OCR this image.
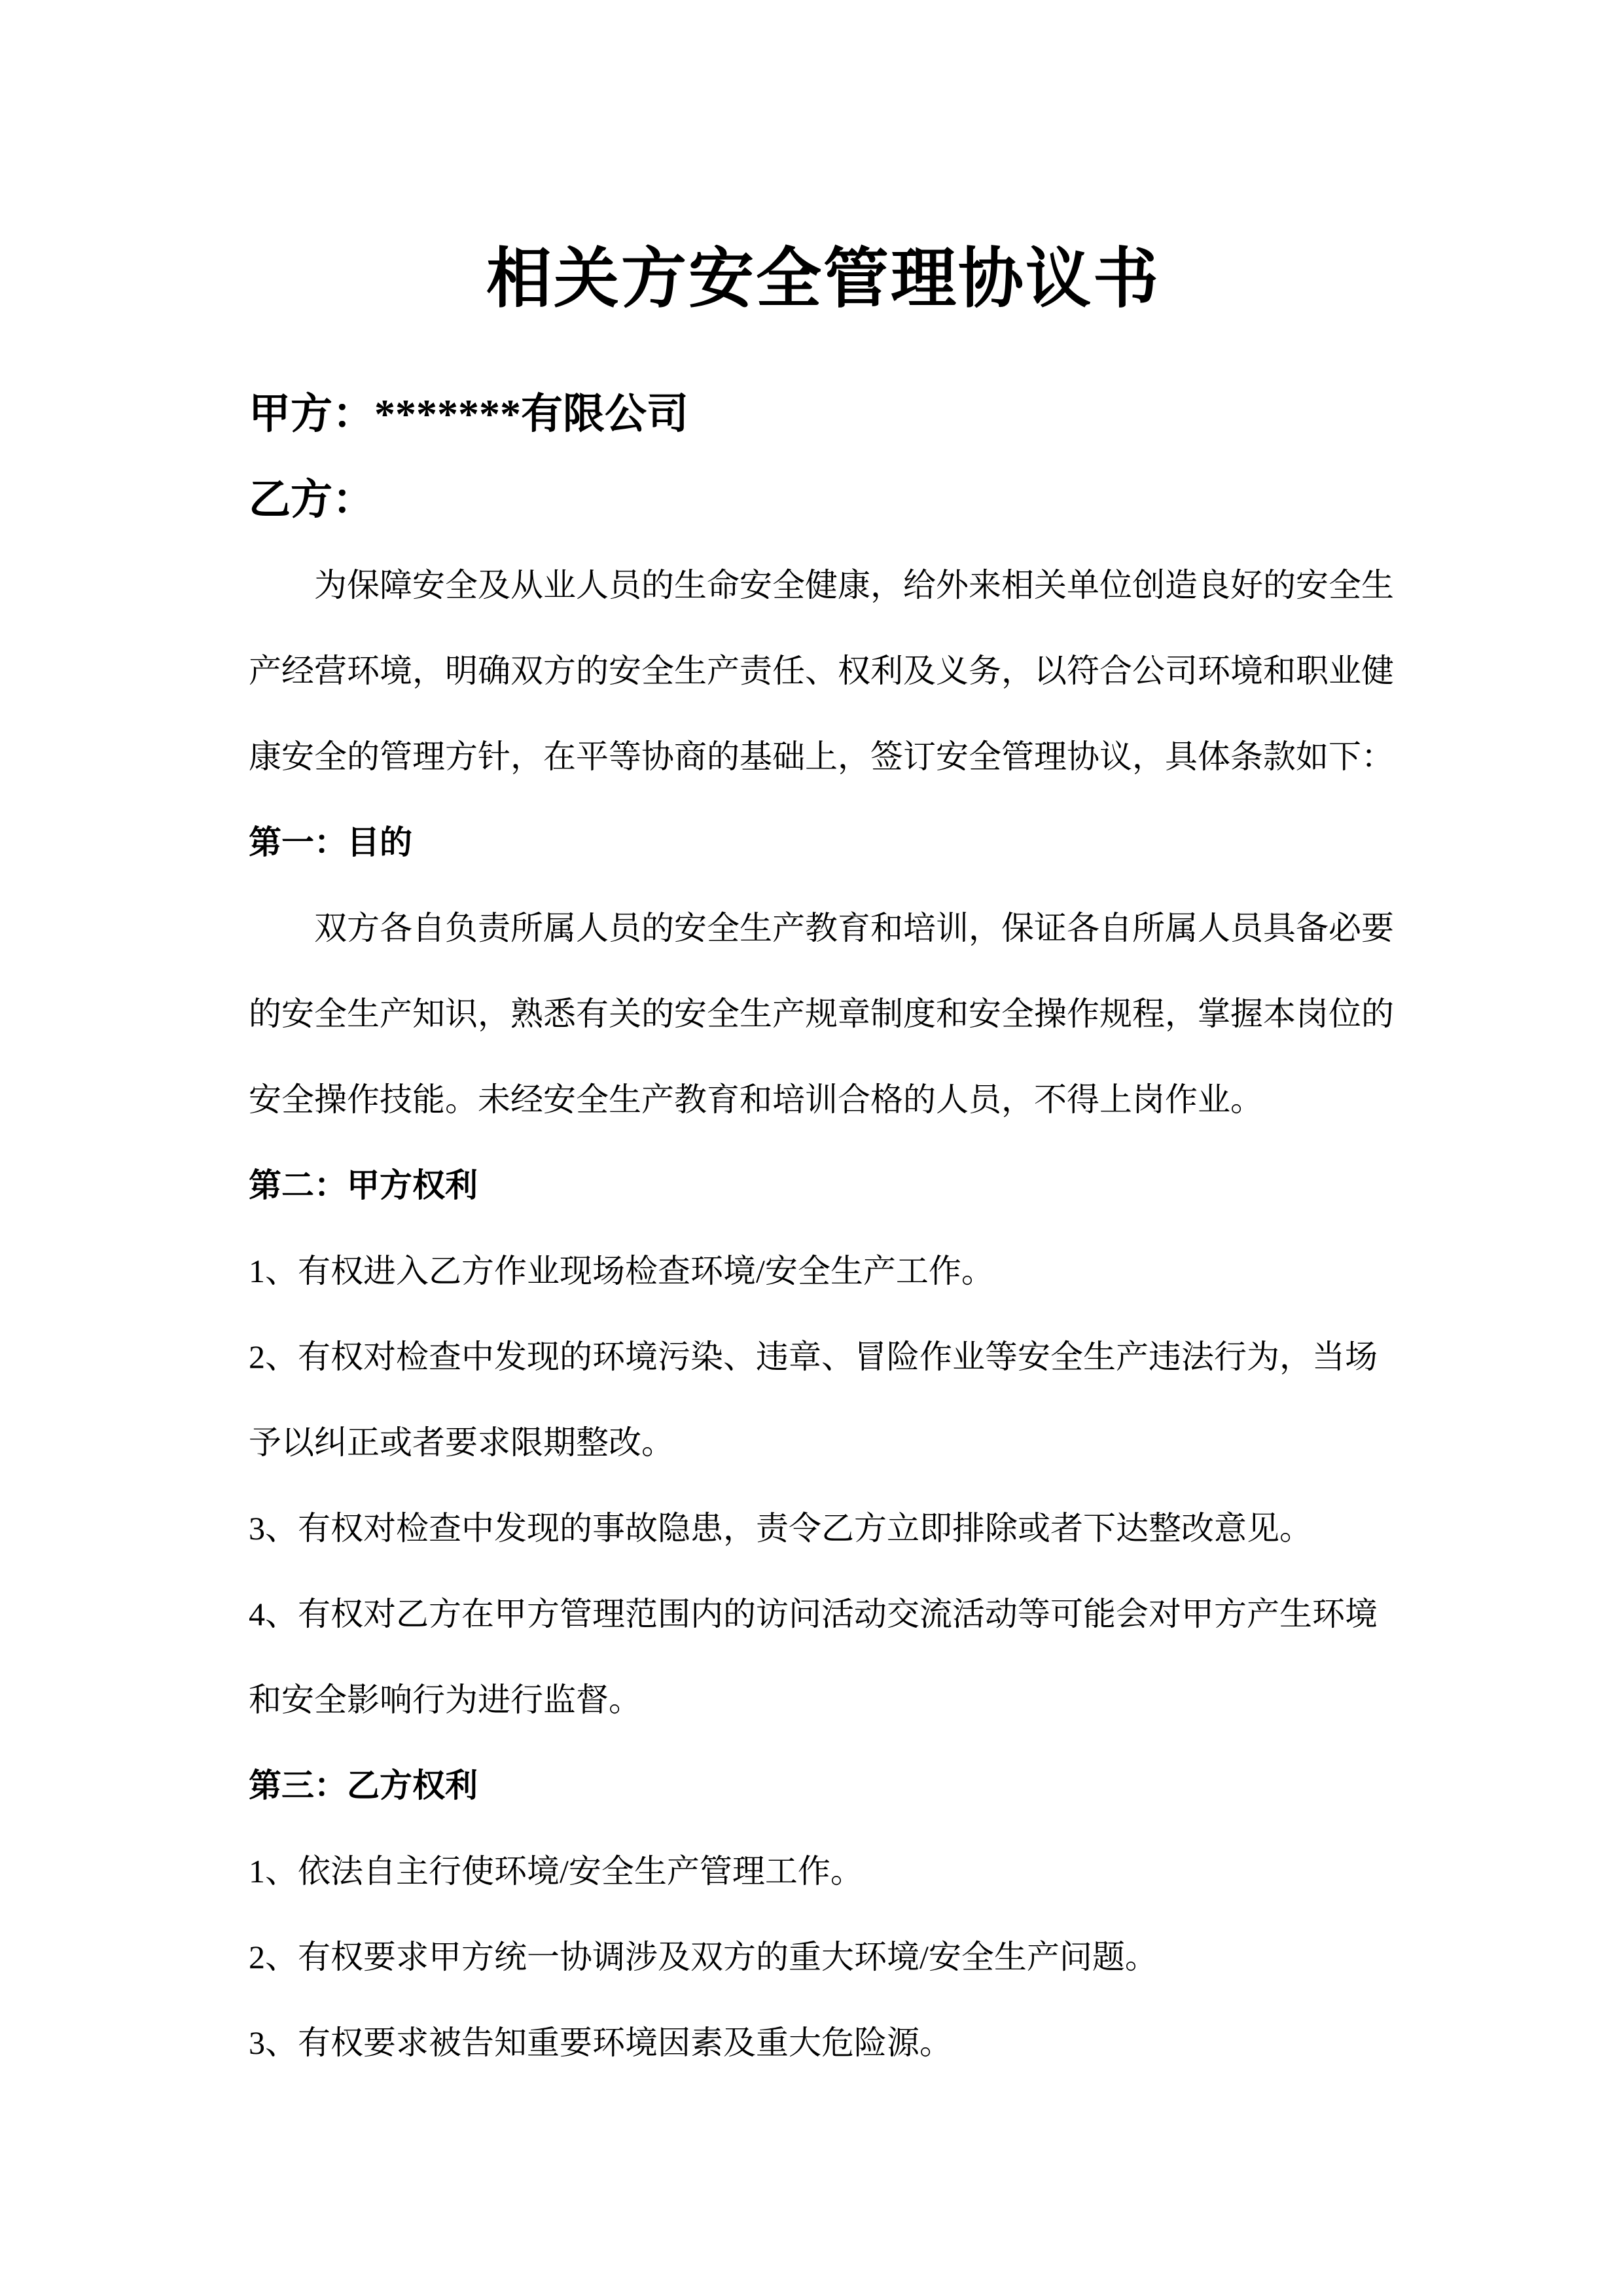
相关方安全管理协议书
甲方：*******有限公司
乙方：
为保障安全及从业人员的生命安全健康，给外来相关单位创造良好的安全生
产经营环境，明确双方的安全生产责任、权利及义务，以符合公司环境和职业健
康安全的管理方针，在平等协商的基础上，签订安全管理协议，具体条款如下：
第一：目的
双方各自负责所属人员的安全生产教育和培训，保证各自所属人员具备必要
的安全生产知识，熟悉有关的安全生产规章制度和安全操作规程，掌握本岗位的
安全操作技能。未经安全生产教育和培训合格的人员，不得上岗作业。
第二：甲方权利
1、有权进入乙方作业现场检查环境/安全生产工作。
2、有权对检查中发现的环境污染、违章、冒险作业等安全生产违法行为，当场
予以纠正或者要求限期整改。
3、有权对检查中发现的事故隐患，责令乙方立即排除或者下达整改意见。
4、有权对乙方在甲方管理范围内的访问活动交流活动等可能会对甲方产生环境
和安全影响行为进行监督。
第三：乙方权利
1、依法自主行使环境/安全生产管理工作。
2、有权要求甲方统一协调涉及双方的重大环境/安全生产问题。
3、有权要求被告知重要环境因素及重大危险源。
